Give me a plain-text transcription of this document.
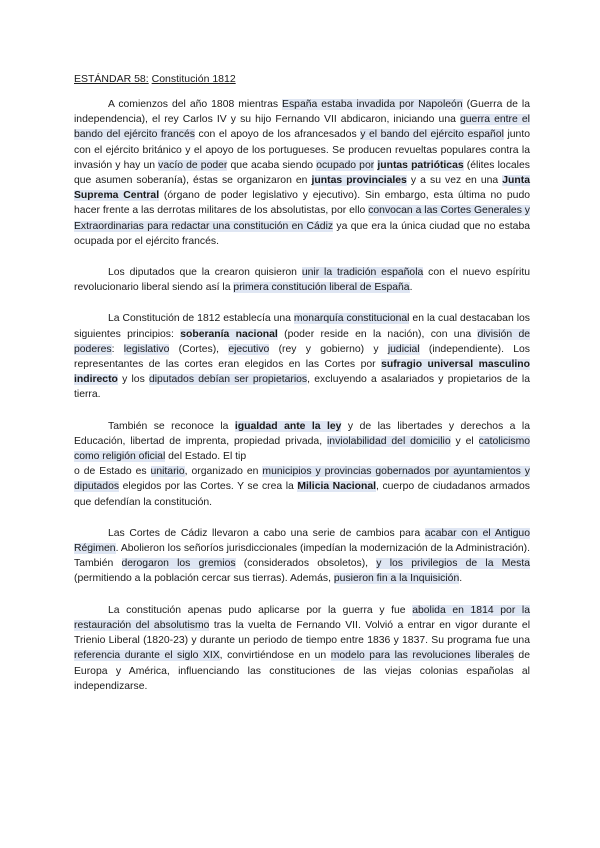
ESTÁNDAR 58: Constitución 1812

A comienzos del año 1808 mientras España estaba invadida por Napoleón (Guerra de la independencia), el rey Carlos IV y su hijo Fernando VII abdicaron, iniciando una guerra entre el bando del ejército francés con el apoyo de los afrancesados y el bando del ejército español junto con el ejército británico y el apoyo de los portugueses. Se producen revueltas populares contra la invasión y hay un vacío de poder que acaba siendo ocupado por juntas patrióticas (élites locales que asumen soberanía), éstas se organizaron en juntas provinciales y a su vez en una Junta Suprema Central (órgano de poder legislativo y ejecutivo). Sin embargo, esta última no pudo hacer frente a las derrotas militares de los absolutistas, por ello convocan a las Cortes Generales y Extraordinarias para redactar una constitución en Cádiz ya que era la única ciudad que no estaba ocupada por el ejército francés.

Los diputados que la crearon quisieron unir la tradición española con el nuevo espíritu revolucionario liberal siendo así la primera constitución liberal de España.

La Constitución de 1812 establecía una monarquía constitucional en la cual destacaban los siguientes principios: soberanía nacional (poder reside en la nación), con una división de poderes: legislativo (Cortes), ejecutivo (rey y gobierno) y judicial (independiente). Los representantes de las cortes eran elegidos en las Cortes por sufragio universal masculino indirecto y los diputados debían ser propietarios, excluyendo a asalariados y propietarios de la tierra.

También se reconoce la igualdad ante la ley y de las libertades y derechos a la Educación, libertad de imprenta, propiedad privada, inviolabilidad del domicilio y el catolicismo como religión oficial del Estado. El tip

o de Estado es unitario, organizado en municipios y provincias gobernados por ayuntamientos y diputados elegidos por las Cortes. Y se crea la Milicia Nacional, cuerpo de ciudadanos armados que defendían la constitución.

Las Cortes de Cádiz llevaron a cabo una serie de cambios para acabar con el Antiguo Régimen. Abolieron los señoríos jurisdiccionales (impedían la modernización de la Administración). También derogaron los gremios (considerados obsoletos), y los privilegios de la Mesta (permitiendo a la población cercar sus tierras). Además, pusieron fin a la Inquisición.

La constitución apenas pudo aplicarse por la guerra y fue abolida en 1814 por la restauración del absolutismo tras la vuelta de Fernando VII. Volvió a entrar en vigor durante el Trienio Liberal (1820-23) y durante un periodo de tiempo entre 1836 y 1837. Su programa fue una referencia durante el siglo XIX, convirtiéndose en un modelo para las revoluciones liberales de Europa y América, influenciando las constituciones de las viejas colonias españolas al independizarse.
